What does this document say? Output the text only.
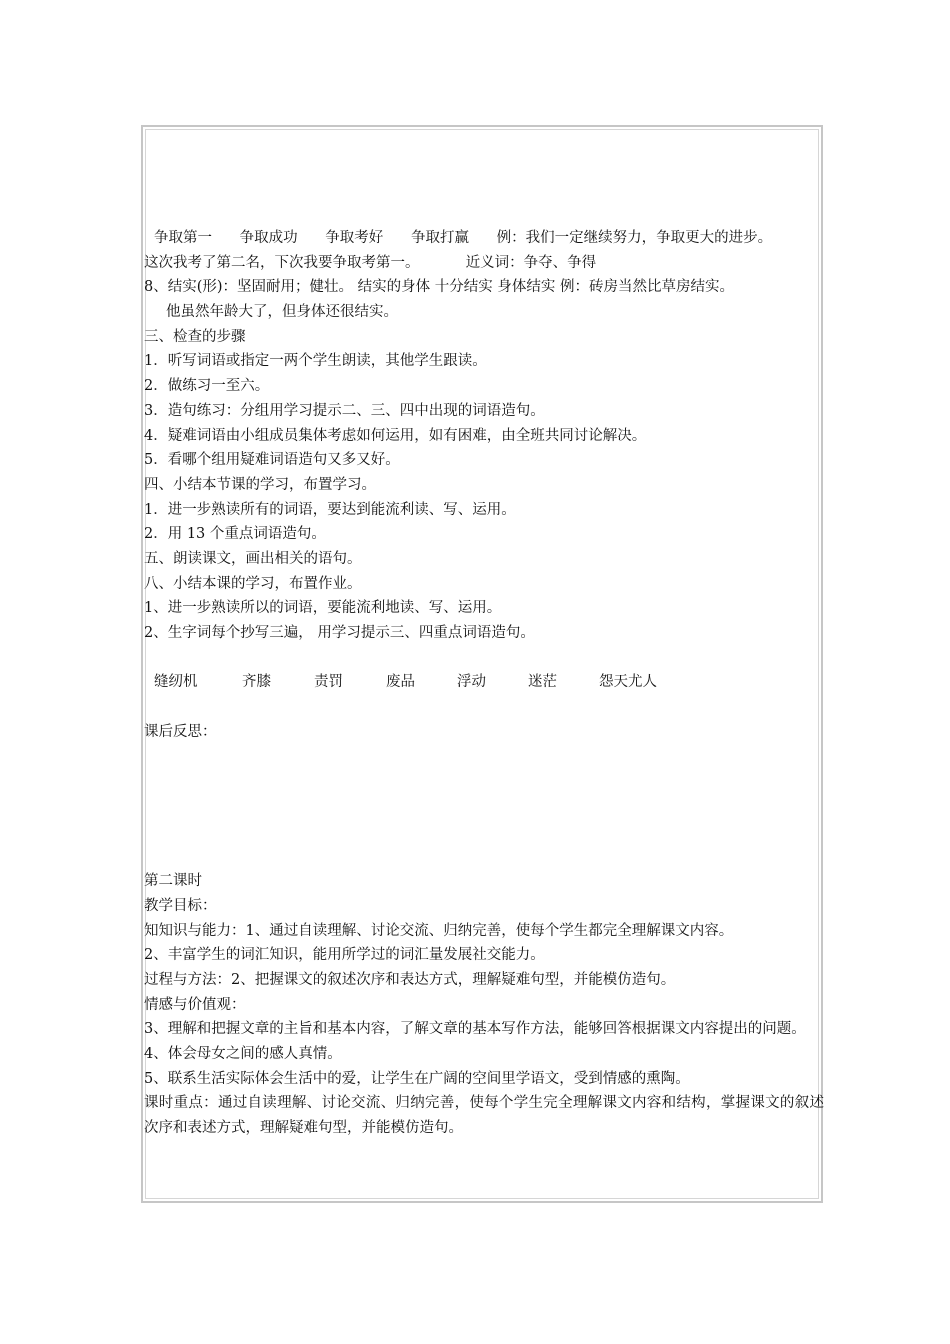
争取第一      争取成功      争取考好      争取打赢      例：我们一定继续努力，争取更大的进步。
这次我考了第二名，下次我要争取考第一。          近义词：争夺、争得
8、结实(形)：坚固耐用；健壮。 结实的身体 十分结实 身体结实 例：砖房当然比草房结实。
他虽然年龄大了，但身体还很结实。
三、检查的步骤
1．听写词语或指定一两个学生朗读，其他学生跟读。
2．做练习一至六。
3．造句练习：分组用学习提示二、三、四中出现的词语造句。
4．疑难词语由小组成员集体考虑如何运用，如有困难，由全班共同讨论解决。
5．看哪个组用疑难词语造句又多又好。
四、小结本节课的学习，布置学习。
1．进一步熟读所有的词语，要达到能流利读、写、运用。
2．用 13 个重点词语造句。
五、朗读课文，画出相关的语句。
八、小结本课的学习，布置作业。
1、进一步熟读所以的词语，要能流利地读、写、运用。
2、生字词每个抄写三遍， 用学习提示三、四重点词语造句。

缝纫机	齐膝	责罚	废品	浮动	迷茫	怨天尤人
课后反思：

第二课时
教学目标：
知知识与能力：1、通过自读理解、讨论交流、归纳完善，使每个学生都完全理解课文内容。
2、丰富学生的词汇知识，能用所学过的词汇量发展社交能力。
过程与方法：2、把握课文的叙述次序和表达方式，理解疑难句型，并能模仿造句。
情感与价值观：
3、理解和把握文章的主旨和基本内容，了解文章的基本写作方法，能够回答根据课文内容提出的问题。
4、体会母女之间的感人真情。
5、联系生活实际体会生活中的爱，让学生在广阔的空间里学语文，受到情感的熏陶。
课时重点：通过自读理解、讨论交流、归纳完善，使每个学生完全理解课文内容和结构，掌握课文的叙述次序和表述方式，理解疑难句型，并能模仿造句。
